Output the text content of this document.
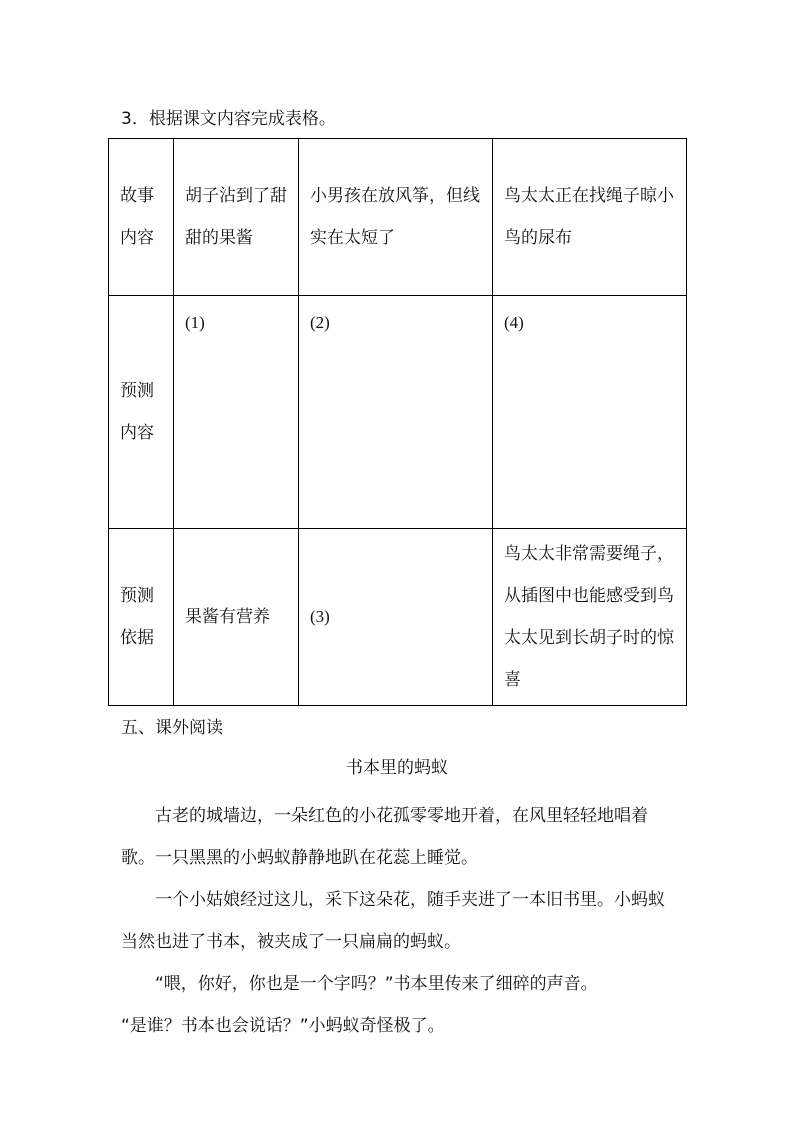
3．根据课文内容完成表格。
故事内容	胡子沾到了甜甜的果酱	小男孩在放风筝，但线实在太短了	鸟太太正在找绳子晾小鸟的尿布
预测内容	(1)	(2)	(4)
预测依据	果酱有营养	(3)	鸟太太非常需要绳子，从插图中也能感受到鸟太太见到长胡子时的惊喜
五、课外阅读
书本里的蚂蚁

古老的城墙边，一朵红色的小花孤零零地开着，在风里轻轻地唱着歌。一只黑黑的小蚂蚁静静地趴在花蕊上睡觉。

一个小姑娘经过这儿，采下这朵花，随手夹进了一本旧书里。小蚂蚁当然也进了书本，被夹成了一只扁扁的蚂蚁。

“喂，你好，你也是一个字吗？”书本里传来了细碎的声音。

“是谁？书本也会说话？”小蚂蚁奇怪极了。
